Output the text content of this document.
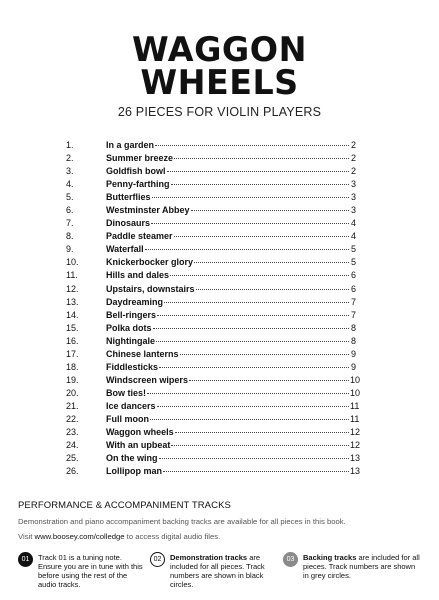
WAGGON
WHEELS
26 PIECES FOR VIOLIN PLAYERS
1.	In a garden	2
2.	Summer breeze	2
3.	Goldfish bowl	2
4.	Penny-farthing	3
5.	Butterflies	3
6.	Westminster Abbey	3
7.	Dinosaurs	4
8.	Paddle steamer	4
9.	Waterfall	5
10.	Knickerbocker glory	5
11.	Hills and dales	6
12.	Upstairs, downstairs	6
13.	Daydreaming	7
14.	Bell-ringers	7
15.	Polka dots	8
16.	Nightingale	8
17.	Chinese lanterns	9
18.	Fiddlesticks	9
19.	Windscreen wipers	10
20.	Bow ties!	10
21.	Ice dancers	11
22.	Full moon	11
23.	Waggon wheels	12
24.	With an upbeat	12
25.	On the wing	13
26.	Lollipop man	13
PERFORMANCE & ACCOMPANIMENT TRACKS
Demonstration and piano accompaniment backing tracks are available for all pieces in this book.
Visit www.boosey.com/colledge to access digital audio files.
01	Track 01 is a tuning note. Ensure you are in tune with this before using the rest of the audio tracks.
02	Demonstration tracks are included for all pieces. Track numbers are shown in black circles.
03	Backing tracks are included for all pieces. Track numbers are shown in grey circles.
